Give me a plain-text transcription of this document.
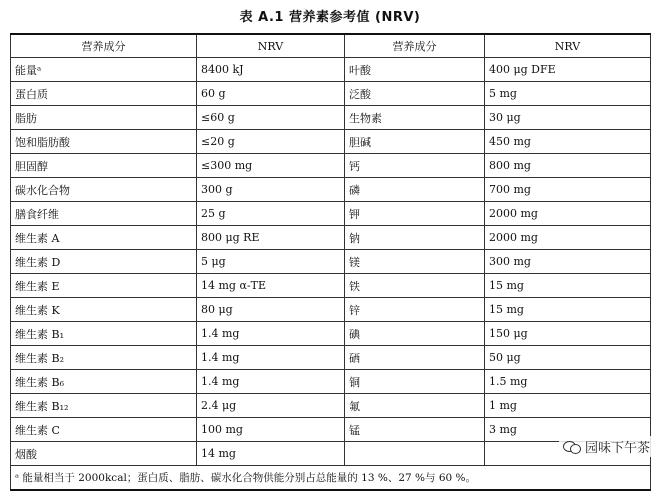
表 A.1 营养素参考值 (NRV)
营养成分	NRV	营养成分	NRV
能量ᵃ	8400 kJ	叶酸	400 μg DFE
蛋白质	60 g	泛酸	5 mg
脂肪	≤60 g	生物素	30 μg
饱和脂肪酸	≤20 g	胆碱	450 mg
胆固醇	≤300 mg	钙	800 mg
碳水化合物	300 g	磷	700 mg
膳食纤维	25 g	钾	2000 mg
维生素 A	800 μg RE	钠	2000 mg
维生素 D	5 μg	镁	300 mg
维生素 E	14 mg α-TE	铁	15 mg
维生素 K	80 μg	锌	15 mg
维生素 B₁	1.4 mg	碘	150 μg
维生素 B₂	1.4 mg	硒	50 μg
维生素 B₆	1.4 mg	铜	1.5 mg
维生素 B₁₂	2.4 μg	氟	1 mg
维生素 C	100 mg	锰	3 mg
烟酸	14 mg		
ᵃ 能量相当于 2000kcal；蛋白质、脂肪、碳水化合物供能分别占总能量的 13 %、27 %与 60 %。			
园味下午茶
